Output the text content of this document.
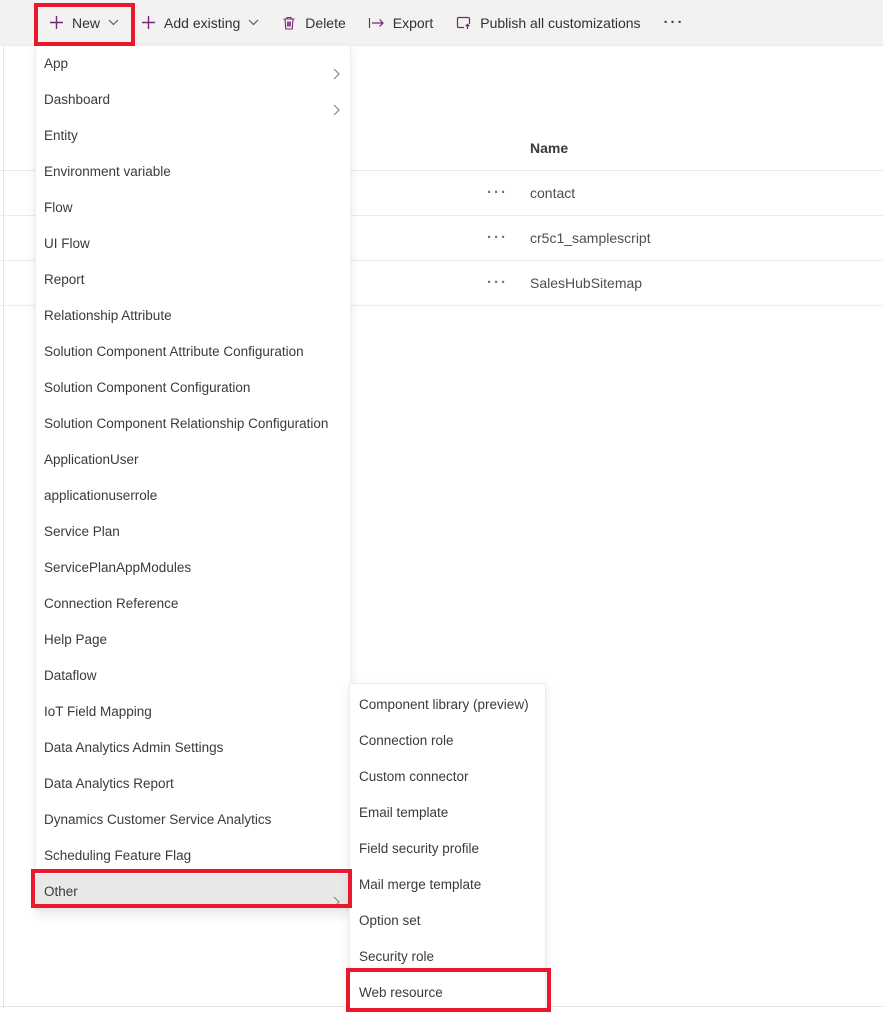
New	Add existing	Delete	Export	Publish all customizations ···
Name
··· contact
··· cr5c1_samplescript
··· SalesHubSitemap
App
Dashboard
Entity
Environment variable
Flow
UI Flow
Report
Relationship Attribute
Solution Component Attribute Configuration
Solution Component Configuration
Solution Component Relationship Configuration
ApplicationUser
applicationuserrole
Service Plan
ServicePlanAppModules
Connection Reference
Help Page
Dataflow
IoT Field Mapping
Data Analytics Admin Settings
Data Analytics Report
Dynamics Customer Service Analytics
Scheduling Feature Flag
Other
Component library (preview)
Connection role
Custom connector
Email template
Field security profile
Mail merge template
Option set
Security role
Web resource
